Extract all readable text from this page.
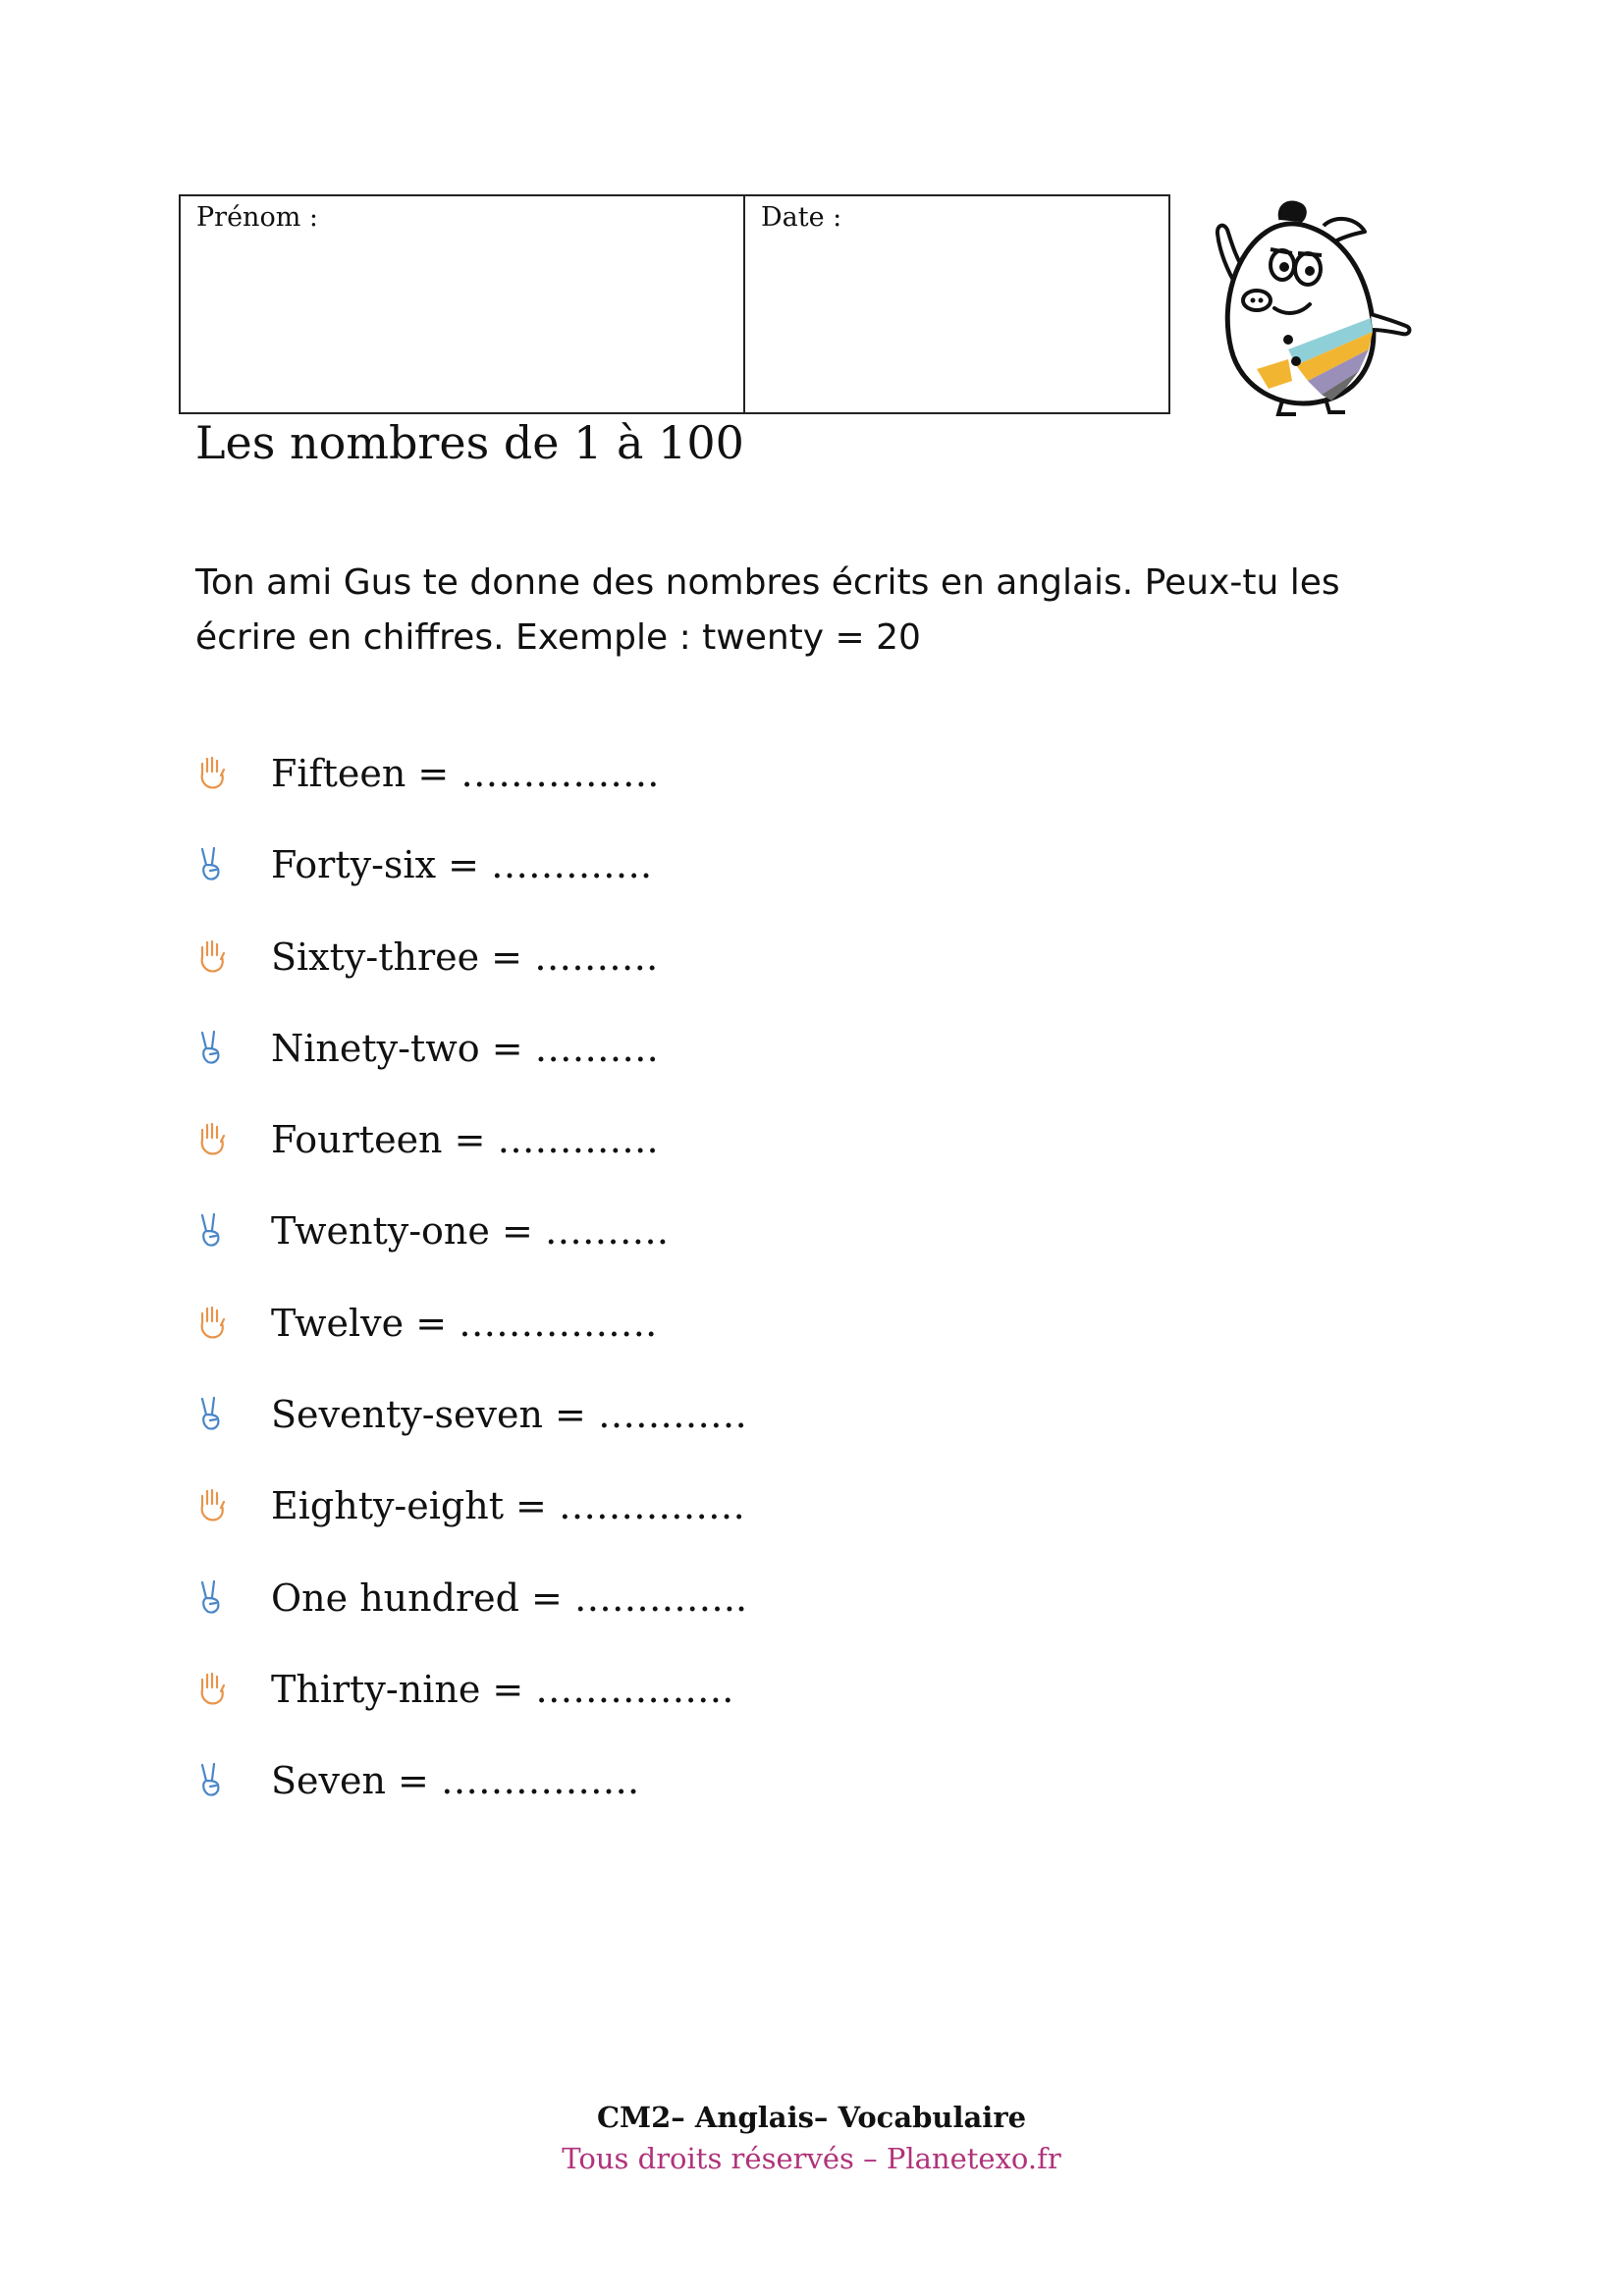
Prénom :	Date :
Les nombres de 1 à 100
Ton ami Gus te donne des nombres écrits en anglais. Peux-tu les écrire en chiffres. Exemple : twenty = 20
Fifteen = …………….
Forty-six = ………….
Sixty-three = ……….
Ninety-two = ……….
Fourteen = ………….
Twenty-one = ……….
Twelve = …………….
Seventy-seven = …………
Eighty-eight = ……………
One hundred = …………..
Thirty-nine = …………….
Seven = …………….
CM2– Anglais– Vocabulaire
Tous droits réservés – Planetexo.fr
